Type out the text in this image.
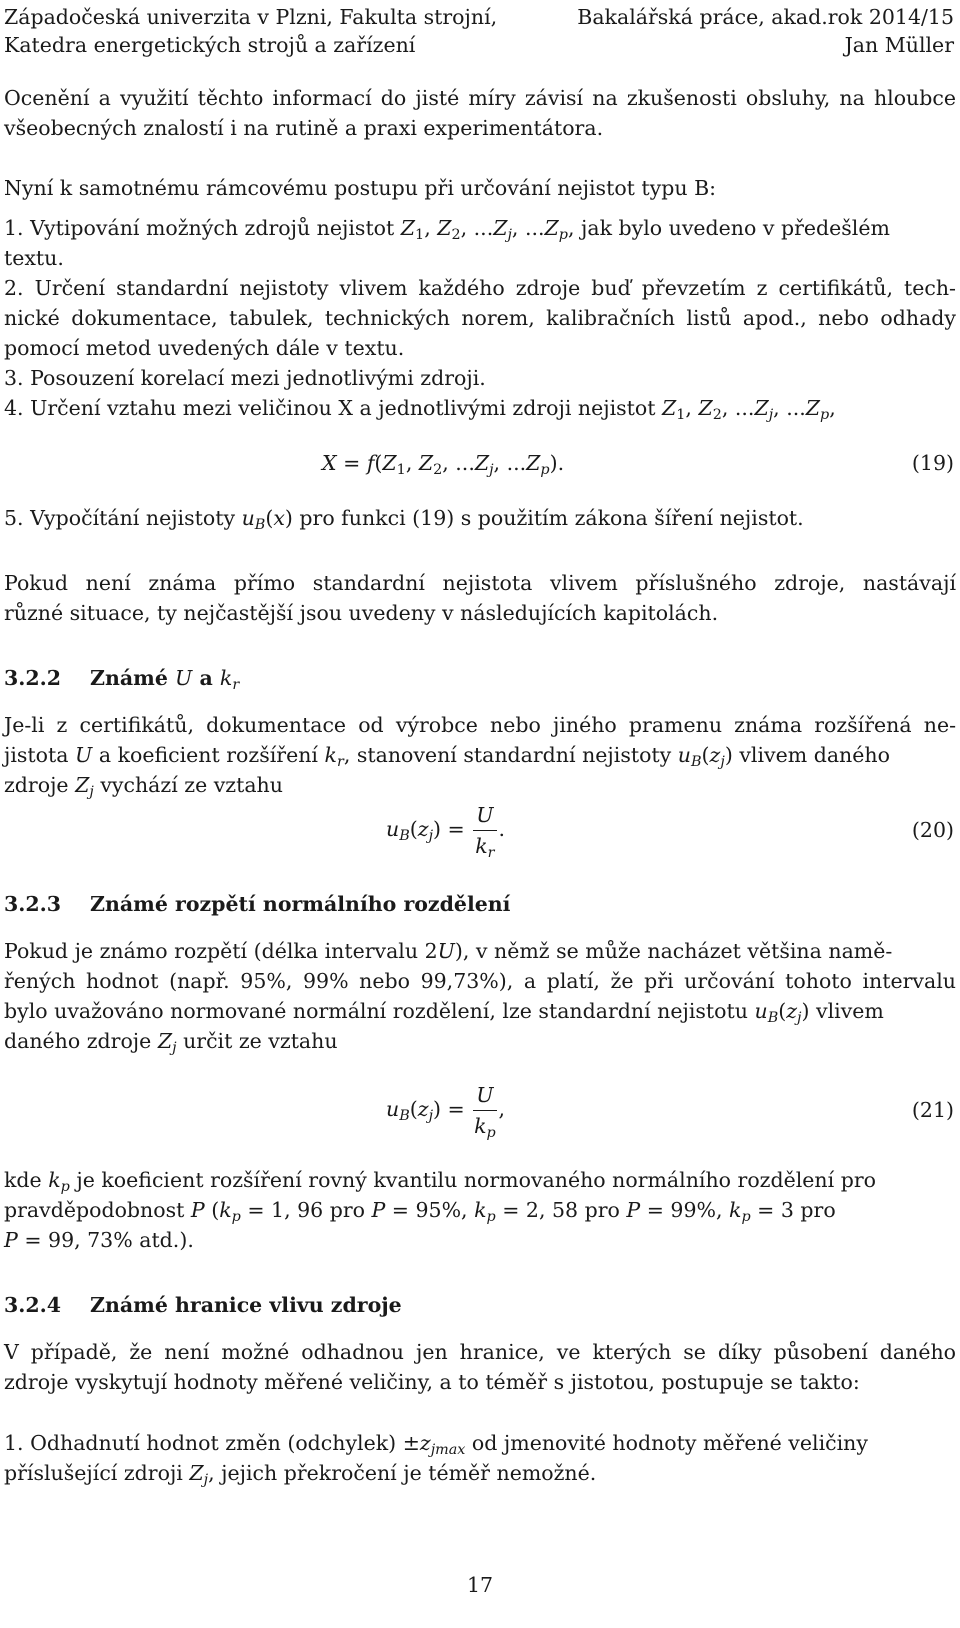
Západočeská univerzita v Plzni, Fakulta strojní,	Bakalářská práce, akad.rok 2014/15
Katedra energetických strojů a zařízení	Jan Müller
Ocenění a využití těchto informací do jisté míry závisí na zkušenosti obsluhy, na hloubce
všeobecných znalostí i na rutině a praxi experimentátora.
Nyní k samotnému rámcovému postupu při určování nejistot typu B:
1. Vytipování možných zdrojů nejistot $Z_1$, $Z_2$, $...Z_j$, $...Z_p$, jak bylo uvedeno v předešlém
textu.
2. Určení standardní nejistoty vlivem každého zdroje buď převzetím z certifikátů, tech-
nické dokumentace, tabulek, technických norem, kalibračních listů apod., nebo odhady
pomocí metod uvedených dále v textu.
3. Posouzení korelací mezi jednotlivými zdroji.
4. Určení vztahu mezi veličinou X a jednotlivými zdroji nejistot $Z_1$, $Z_2$, $...Z_j$, $...Z_p$,
$X = f(Z_1$, $Z_2$, $...Z_j$, $...Z_p$).	(19)
5. Vypočítání nejistoty $u_B(x)$ pro funkci (19) s použitím zákona šíření nejistot.
Pokud není známa přímo standardní nejistota vlivem příslušného zdroje, nastávají
různé situace, ty nejčastější jsou uvedeny v následujících kapitolách.
3.2.2 Známé U a $k_r$
Je-li z certifikátů, dokumentace od výrobce nebo jiného pramenu známa rozšířená ne-
jistota U a koeficient rozšíření $k_r$, stanovení standardní nejistoty $u_B(z_j)$ vlivem daného
zdroje $Z_j$ vychází ze vztahu
$u_B(z_j) = \frac{U}{k_r}$ .	(20)
3.2.3 Známé rozpětí normálního rozdělení
Pokud je známo rozpětí (délka intervalu 2U), v němž se může nacházet většina namě-
řených hodnot (např. 95%, 99% nebo 99,73%), a platí, že při určování tohoto intervalu
bylo uvažováno normované normální rozdělení, lze standardní nejistotu $u_B(z_j)$ vlivem
daného zdroje $Z_j$ určit ze vztahu
$u_B(z_j) = \frac{U}{k_p}$ ,	(21)
kde $k_p$ je koeficient rozšíření rovný kvantilu normovaného normálního rozdělení pro
pravděpodobnost P ($k_p = 1$, 96 pro P = 95%, $k_p = 2$, 58 pro P = 99%, $k_p = 3$ pro
P = 99, 73% atd.).
3.2.4 Známé hranice vlivu zdroje
V případě, že není možné odhadnou jen hranice, ve kterých se díky působení daného
zdroje vyskytují hodnoty měřené veličiny, a to téměř s jistotou, postupuje se takto:
1. Odhadnutí hodnot změn (odchylek) $\pm z_{jmax}$ od jmenovité hodnoty měřené veličiny
příslušející zdroji $Z_j$, jejich překročení je téměř nemožné.
17
